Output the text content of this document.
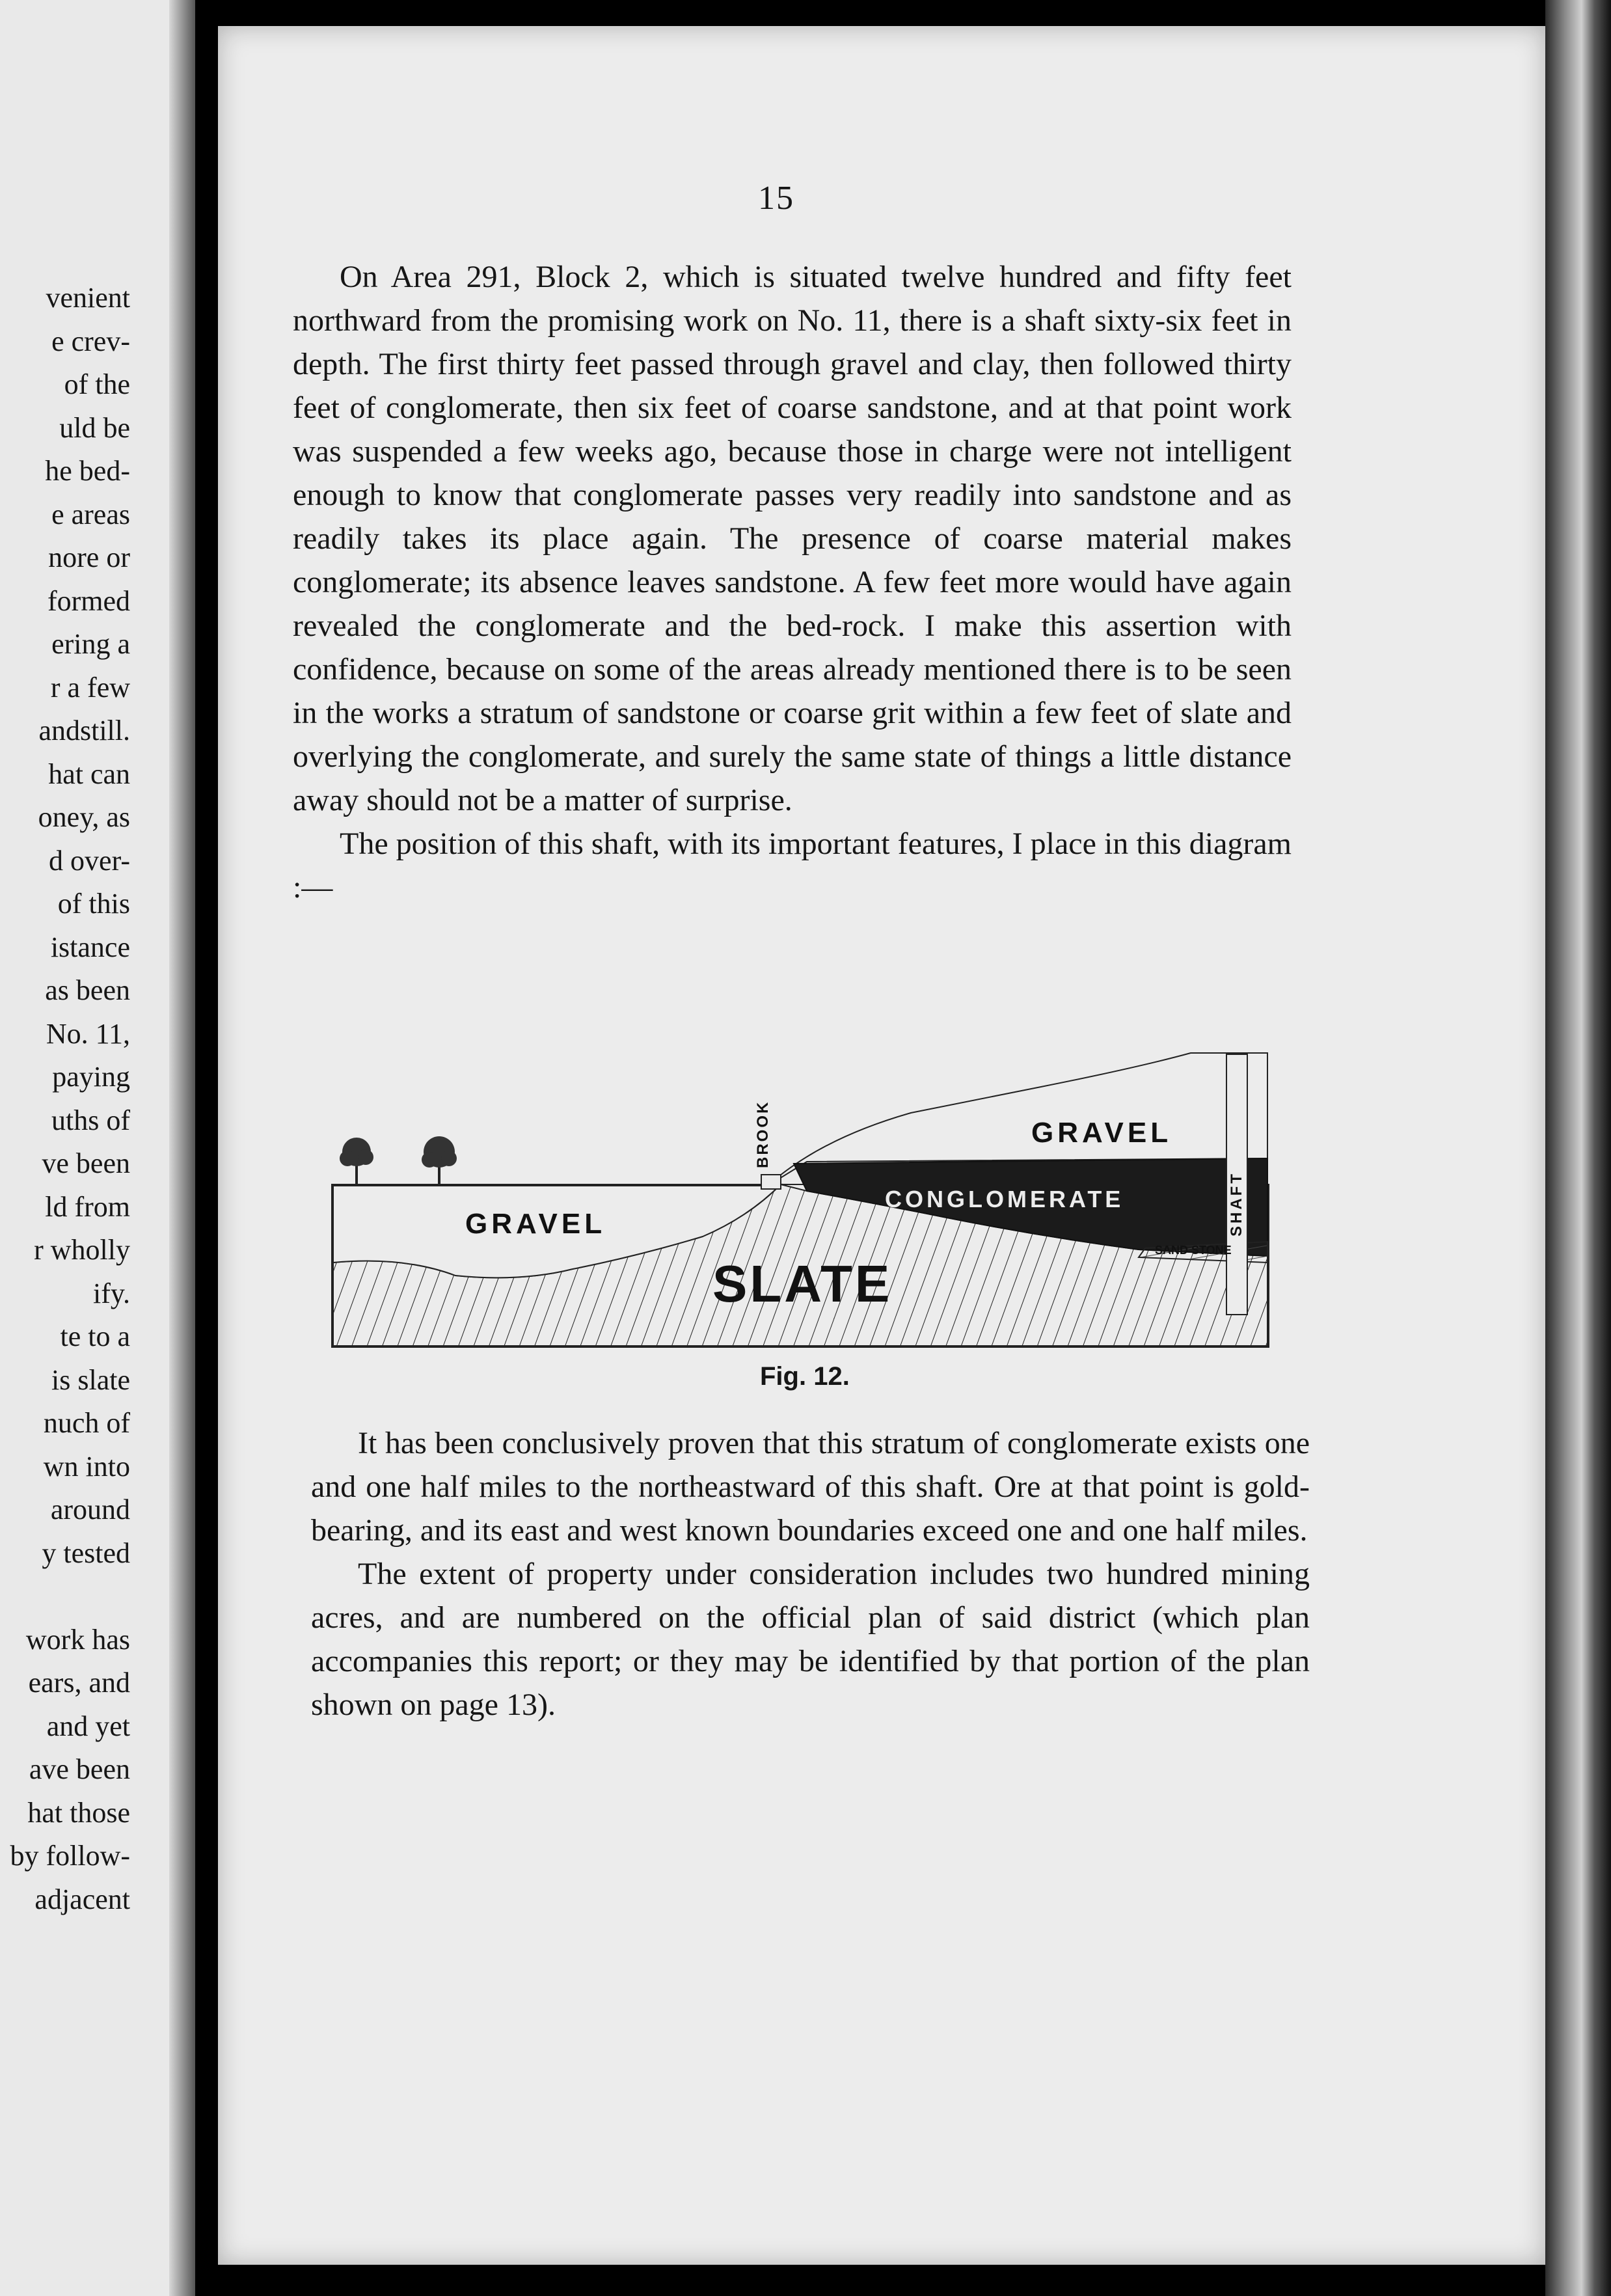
venient
e crev-
of the
uld be
he bed-
e areas
nore or
formed
ering a
r a few
andstill.
hat can
oney, as
d over-
of this
istance
as been
No. 11,
paying
uths of
ve been
ld from
r wholly
ify.
te to a
is slate
nuch of
wn into
around
y tested
work has
ears, and
and yet
ave been
hat those
by follow-
adjacent
15

On Area 291, Block 2, which is situated twelve hundred and fifty feet northward from the promising work on No. 11, there is a shaft sixty-six feet in depth. The first thirty feet passed through gravel and clay, then followed thirty feet of conglomerate, then six feet of coarse sandstone, and at that point work was suspended a few weeks ago, because those in charge were not intelligent enough to know that conglomerate passes very readily into sandstone and as readily takes its place again. The presence of coarse material makes conglomerate; its absence leaves sandstone. A few feet more would have again revealed the conglomerate and the bed-rock. I make this assertion with confidence, because on some of the areas already mentioned there is to be seen in the works a stratum of sandstone or coarse grit within a few feet of slate and overlying the conglomerate, and surely the same state of things a little distance away should not be a matter of surprise.

The position of this shaft, with its important features, I place in this diagram :—

GRAVEL
GRAVEL
BROOK
CONGLOMERATE
SLATE
SHAFT
SAND STONE
Fig. 12.

It has been conclusively proven that this stratum of conglomerate exists one and one half miles to the northeastward of this shaft. Ore at that point is gold-bearing, and its east and west known boundaries exceed one and one half miles.

The extent of property under consideration includes two hundred mining acres, and are numbered on the official plan of said district (which plan accompanies this report; or they may be identified by that portion of the plan shown on page 13).
